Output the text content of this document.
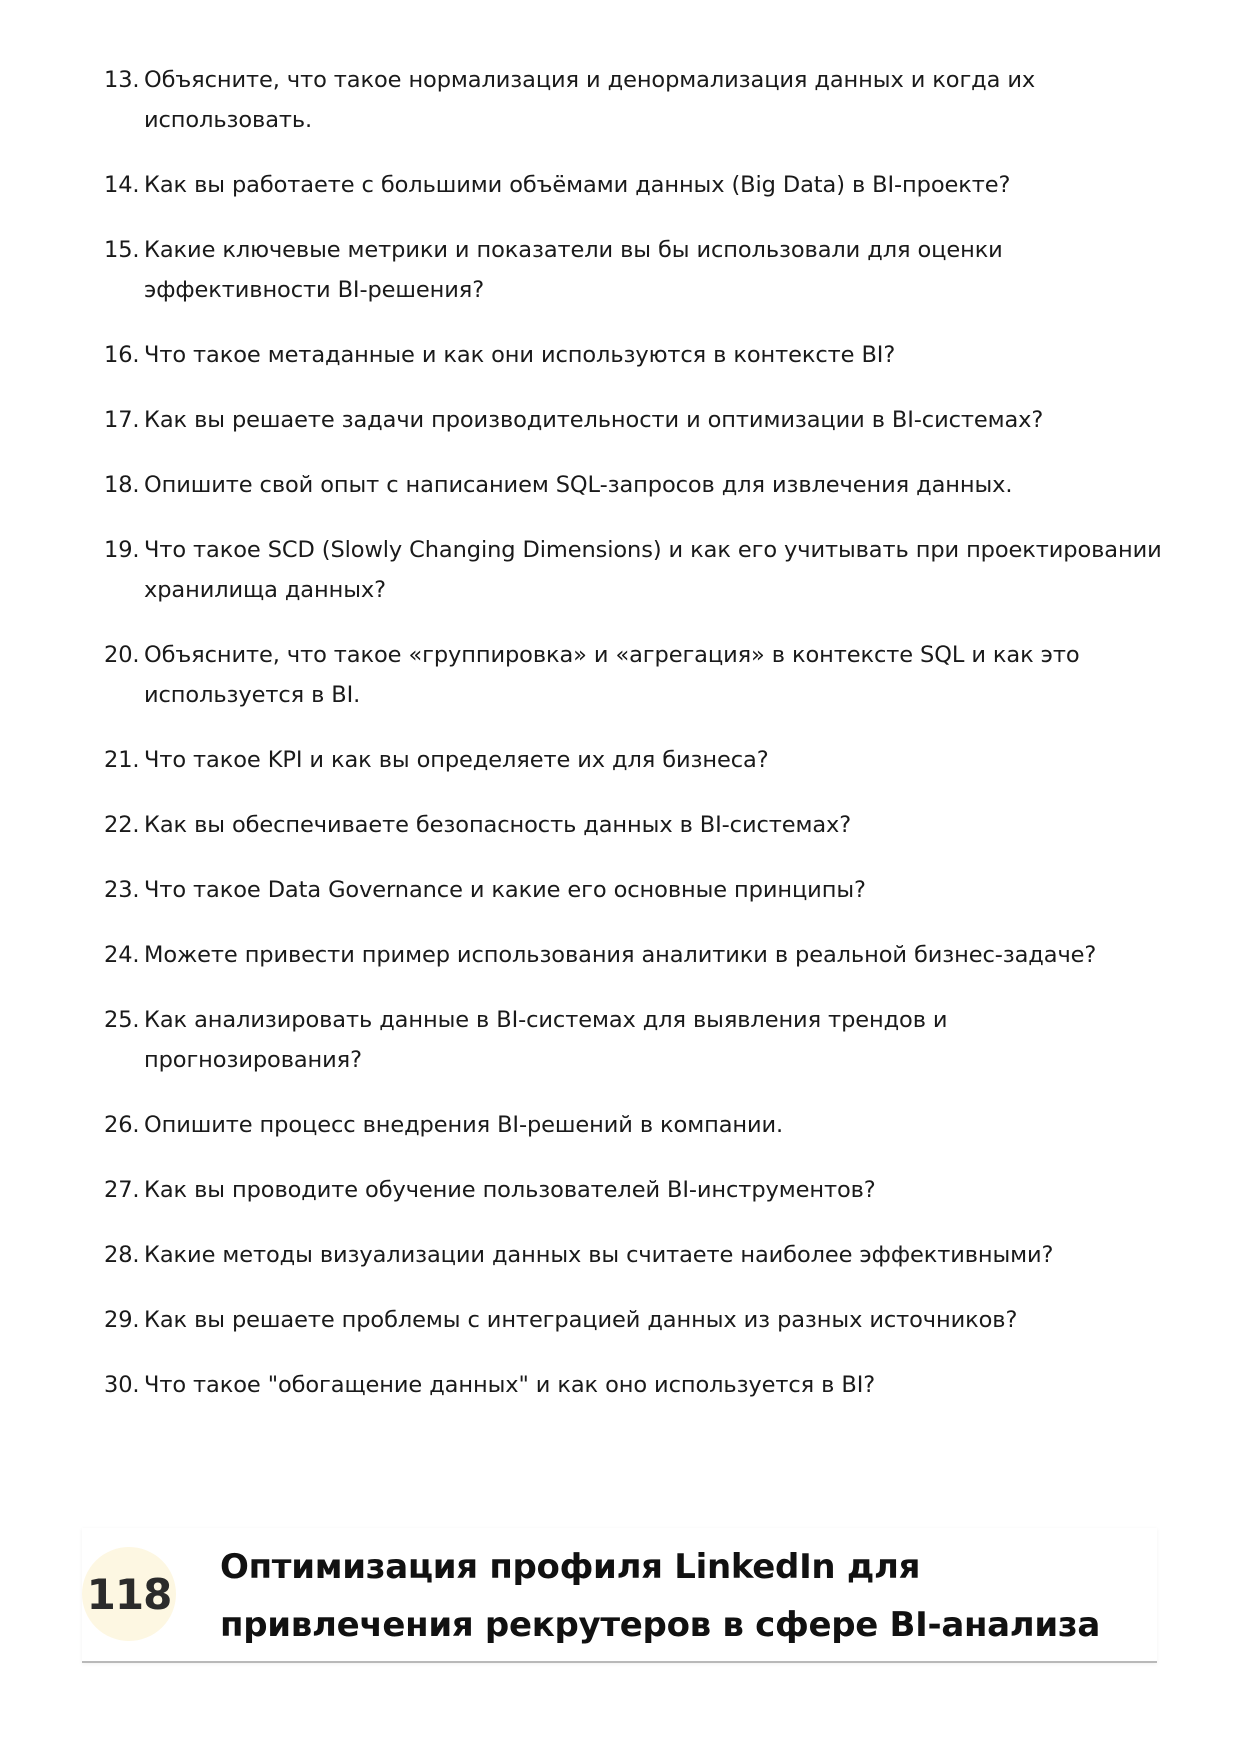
13. Объясните, что такое нормализация и денормализация данных и когда их использовать.
14. Как вы работаете с большими объёмами данных (Big Data) в BI-проекте?
15. Какие ключевые метрики и показатели вы бы использовали для оценки эффективности BI-решения?
16. Что такое метаданные и как они используются в контексте BI?
17. Как вы решаете задачи производительности и оптимизации в BI-системах?
18. Опишите свой опыт с написанием SQL-запросов для извлечения данных.
19. Что такое SCD (Slowly Changing Dimensions) и как его учитывать при проектировании хранилища данных?
20. Объясните, что такое «группировка» и «агрегация» в контексте SQL и как это используется в BI.
21. Что такое KPI и как вы определяете их для бизнеса?
22. Как вы обеспечиваете безопасность данных в BI-системах?
23. Что такое Data Governance и какие его основные принципы?
24. Можете привести пример использования аналитики в реальной бизнес-задаче?
25. Как анализировать данные в BI-системах для выявления трендов и прогнозирования?
26. Опишите процесс внедрения BI-решений в компании.
27. Как вы проводите обучение пользователей BI-инструментов?
28. Какие методы визуализации данных вы считаете наиболее эффективными?
29. Как вы решаете проблемы с интеграцией данных из разных источников?
30. Что такое "обогащение данных" и как оно используется в BI?
118
Оптимизация профиля LinkedIn для привлечения рекрутеров в сфере BI-анализа
